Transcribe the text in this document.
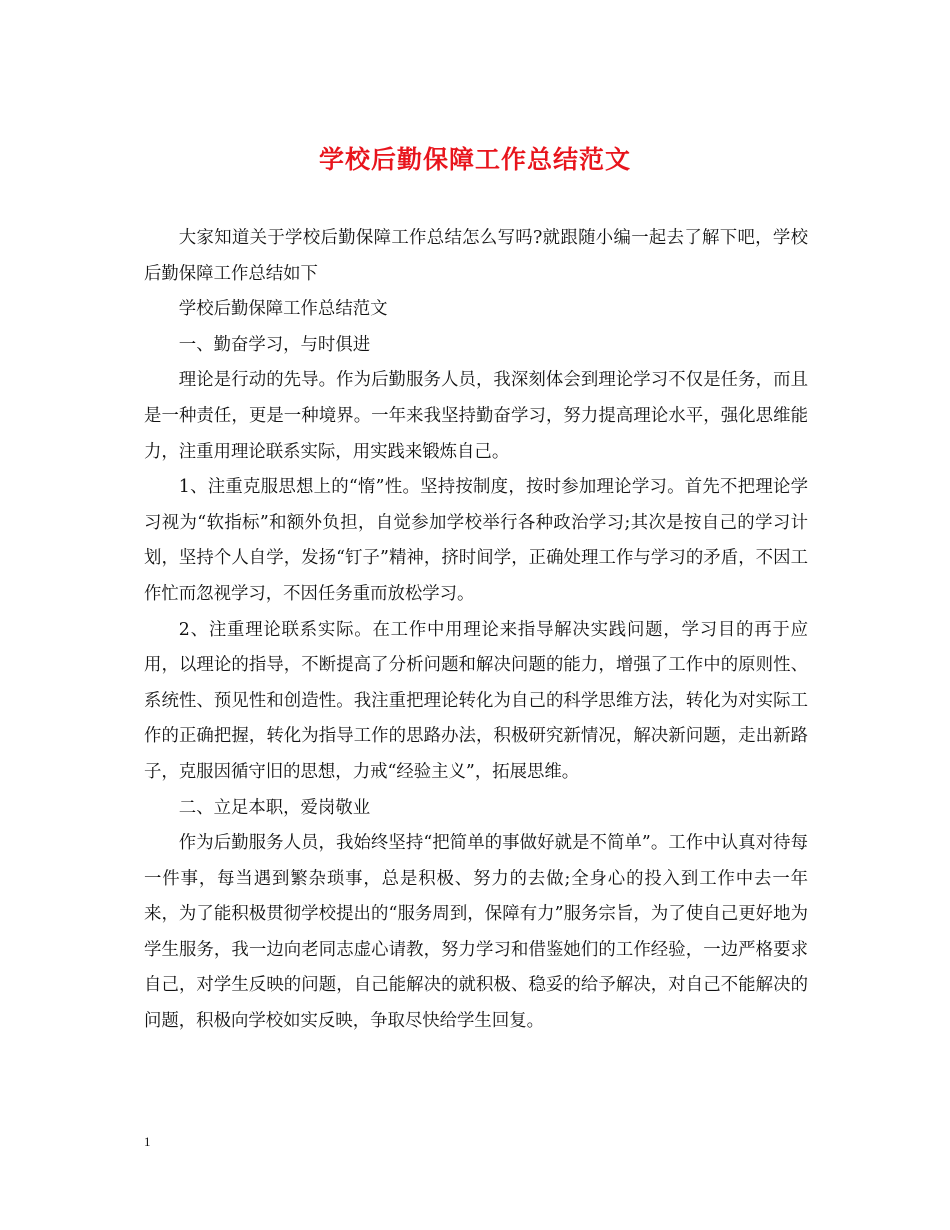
学校后勤保障工作总结范文

大家知道关于学校后勤保障工作总结怎么写吗?就跟随小编一起去了解下吧，学校后勤保障工作总结如下

学校后勤保障工作总结范文

一、勤奋学习，与时俱进

理论是行动的先导。作为后勤服务人员，我深刻体会到理论学习不仅是任务，而且是一种责任，更是一种境界。一年来我坚持勤奋学习，努力提高理论水平，强化思维能力，注重用理论联系实际，用实践来锻炼自己。

1、注重克服思想上的“惰”性。坚持按制度，按时参加理论学习。首先不把理论学习视为“软指标”和额外负担，自觉参加学校举行各种政治学习;其次是按自己的学习计划，坚持个人自学，发扬“钉子”精神，挤时间学，正确处理工作与学习的矛盾，不因工作忙而忽视学习，不因任务重而放松学习。

2、注重理论联系实际。在工作中用理论来指导解决实践问题，学习目的再于应用，以理论的指导，不断提高了分析问题和解决问题的能力，增强了工作中的原则性、系统性、预见性和创造性。我注重把理论转化为自己的科学思维方法，转化为对实际工作的正确把握，转化为指导工作的思路办法，积极研究新情况，解决新问题，走出新路子，克服因循守旧的思想，力戒“经验主义”，拓展思维。

二、立足本职，爱岗敬业

作为后勤服务人员，我始终坚持“把简单的事做好就是不简单”。工作中认真对待每一件事，每当遇到繁杂琐事，总是积极、努力的去做;全身心的投入到工作中去一年来，为了能积极贯彻学校提出的“服务周到，保障有力”服务宗旨，为了使自己更好地为学生服务，我一边向老同志虚心请教，努力学习和借鉴她们的工作经验，一边严格要求自己，对学生反映的问题，自己能解决的就积极、稳妥的给予解决，对自己不能解决的问题，积极向学校如实反映，争取尽快给学生回复。

1
